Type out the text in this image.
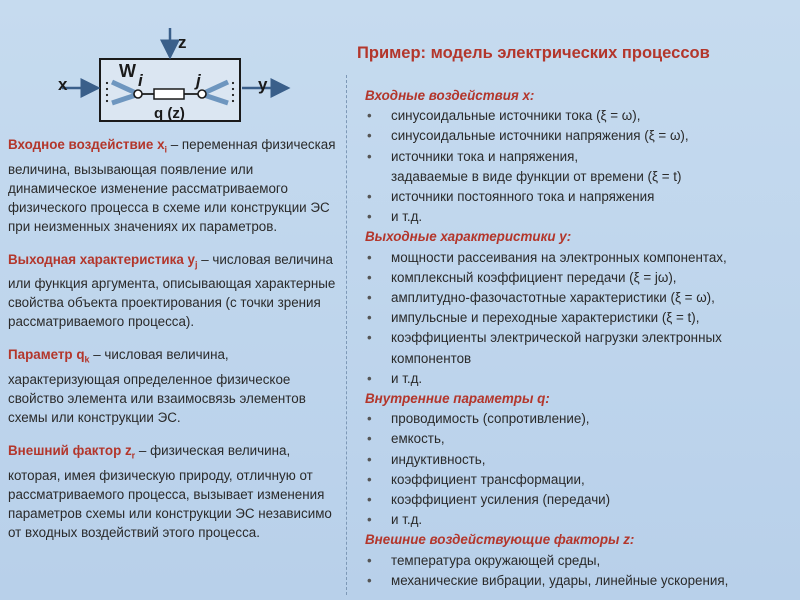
z
x	y
W i	j
q (z)

Входное воздействие $x_i$ – переменная физическая величина, вызывающая появление или динамическое изменение рассматриваемого физического процесса в схеме или конструкции ЭС при неизменных значениях их параметров.

Выходная характеристика $y_j$ – числовая величина или функция аргумента, описывающая характерные свойства объекта проектирования (с точки зрения рассматриваемого процесса).

Параметр $q_k$ – числовая величина, характеризующая определенное физическое свойство элемента или взаимосвязь элементов схемы или конструкции ЭС.

Внешний фактор $z_r$ – физическая величина, которая, имея физическую природу, отличную от рассматриваемого процесса, вызывает изменения параметров схемы или конструкции ЭС независимо от входных воздействий этого процесса.

Пример: модель электрических процессов
Входные воздействия x:
• синусоидальные источники тока (ξ = ω),
• синусоидальные источники напряжения (ξ = ω),
• источники тока и напряжения,
задаваемые в виде функции от времени (ξ = t)
• источники постоянного тока и напряжения
• и т.д.
Выходные характеристики y:
• мощности рассеивания на электронных компонентах,
• комплексный коэффициент передачи (ξ = jω),
• амплитудно-фазочастотные характеристики (ξ = ω),
• импульсные и переходные характеристики (ξ = t),
• коэффициенты электрической нагрузки электронных компонентов
• и т.д.
Внутренние параметры q:
• проводимость (сопротивление),
• емкость,
• индуктивность,
• коэффициент трансформации,
• коэффициент усиления (передачи)
• и т.д.
Внешние воздействующие факторы z:
• температура окружающей среды,
• механические вибрации, удары, линейные ускорения,
